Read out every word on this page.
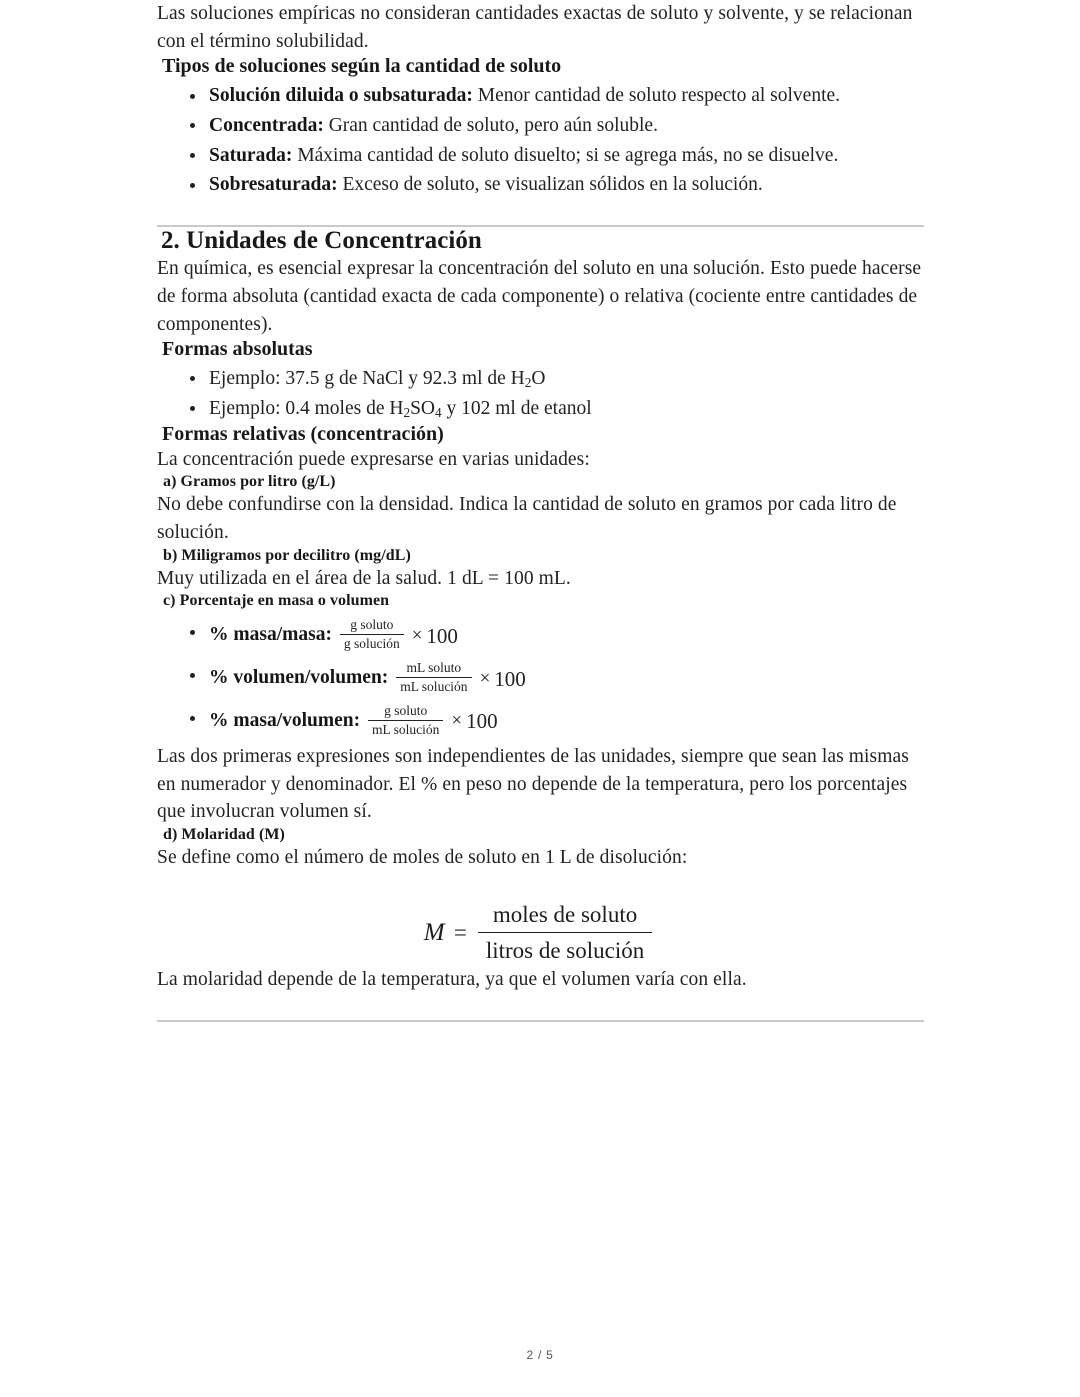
Las soluciones empíricas no consideran cantidades exactas de soluto y solvente, y se relacionan con el término solubilidad.

Tipos de soluciones según la cantidad de soluto
Solución diluida o subsaturada: Menor cantidad de soluto respecto al solvente.
Concentrada: Gran cantidad de soluto, pero aún soluble.
Saturada: Máxima cantidad de soluto disuelto; si se agrega más, no se disuelve.
Sobresaturada: Exceso de soluto, se visualizan sólidos en la solución.
2. Unidades de Concentración

En química, es esencial expresar la concentración del soluto en una solución. Esto puede hacerse de forma absoluta (cantidad exacta de cada componente) o relativa (cociente entre cantidades de componentes).

Formas absolutas
Ejemplo: 37.5 g de NaCl y 92.3 ml de $H_2O$
Ejemplo: 0.4 moles de $H_2SO_4$ y 102 ml de etanol
Formas relativas (concentración)

La concentración puede expresarse en varias unidades:

a) Gramos por litro (g/L)

No debe confundirse con la densidad. Indica la cantidad de soluto en gramos por cada litro de solución.

b) Miligramos por decilitro (mg/dL)

Muy utilizada en el área de la salud. 1 dL = 100 mL.

c) Porcentaje en masa o volumen
% masa/masa: $\frac{\text{g soluto}}{\text{g solución}} \times 100$
% volumen/volumen: $\frac{\text{mL soluto}}{\text{mL solución}} \times 100$
% masa/volumen: $\frac{\text{g soluto}}{\text{mL solución}} \times 100$

Las dos primeras expresiones son independientes de las unidades, siempre que sean las mismas en numerador y denominador. El % en peso no depende de la temperatura, pero los porcentajes que involucran volumen sí.

d) Molaridad (M)

Se define como el número de moles de soluto en 1 L de disolución:

$M = \frac{\text{moles de soluto}}{\text{litros de solución}}$

La molaridad depende de la temperatura, ya que el volumen varía con ella.

2 / 5
